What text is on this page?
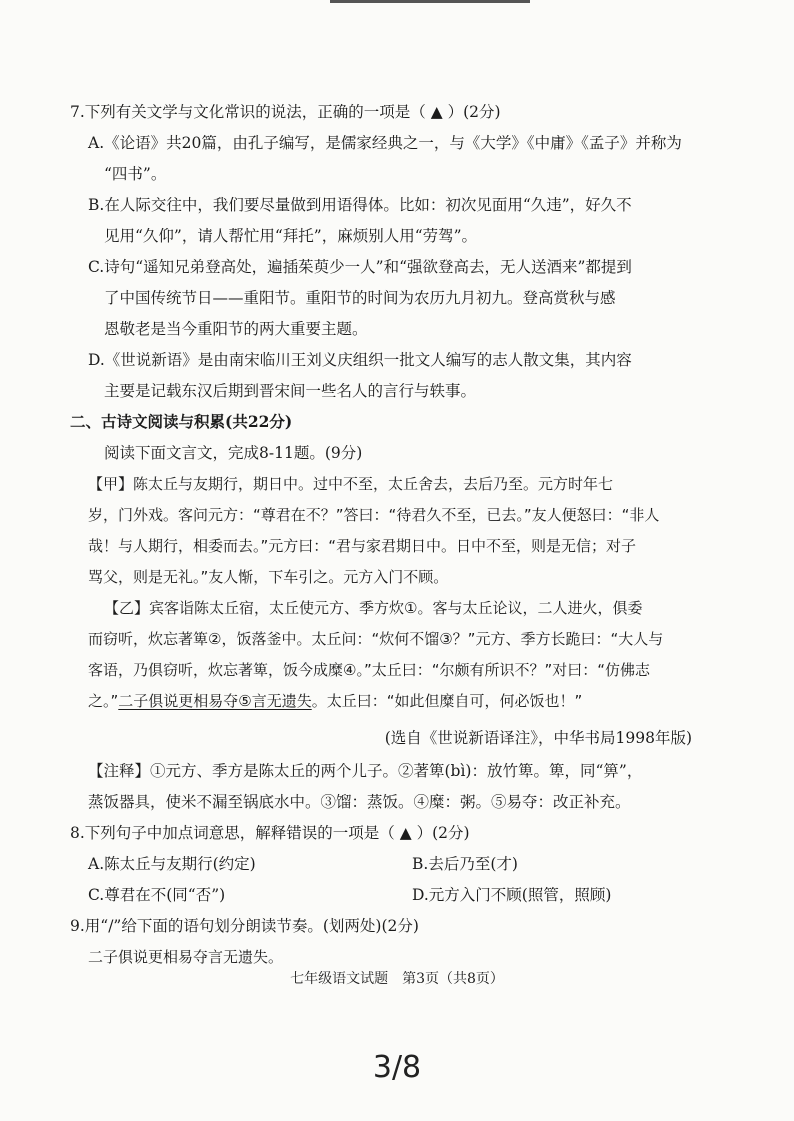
7.下列有关文学与文化常识的说法，正确的一项是（ ▲ ）(2分)
A.《论语》共20篇，由孔子编写，是儒家经典之一，与《大学》《中庸》《孟子》并称为
“四书”。
B.在人际交往中，我们要尽量做到用语得体。比如：初次见面用“久违”，好久不
见用“久仰”，请人帮忙用“拜托”，麻烦别人用“劳驾”。
C.诗句“遥知兄弟登高处，遍插茱萸少一人”和“强欲登高去，无人送酒来”都提到
了中国传统节日——重阳节。重阳节的时间为农历九月初九。登高赏秋与感
恩敬老是当今重阳节的两大重要主题。
D.《世说新语》是由南宋临川王刘义庆组织一批文人编写的志人散文集，其内容
主要是记载东汉后期到晋宋间一些名人的言行与轶事。
二、古诗文阅读与积累(共22分)
阅读下面文言文，完成8-11题。(9分)
【甲】陈太丘与友期行，期日中。过中不至，太丘舍去，去后乃至。元方时年七
岁，门外戏。客问元方：“尊君在不？”答曰：“待君久不至，已去。”友人便怒曰：“非人
哉！与人期行，相委而去。”元方曰：“君与家君期日中。日中不至，则是无信；对子
骂父，则是无礼。”友人惭，下车引之。元方入门不顾。
【乙】宾客诣陈太丘宿，太丘使元方、季方炊①。客与太丘论议，二人进火，俱委
而窃听，炊忘著箄②，饭落釜中。太丘问：“炊何不馏③？”元方、季方长跪曰：“大人与
客语，乃俱窃听，炊忘著箄，饭今成糜④。”太丘曰：“尔颇有所识不？”对曰：“仿佛志
之。”二子俱说更相易夺⑤言无遗失。太丘曰：“如此但糜自可，何必饭也！”
(选自《世说新语译注》，中华书局1998年版)
【注释】①元方、季方是陈太丘的两个儿子。②著箄(bì)：放竹箄。箄，同“箅”，
蒸饭器具，使米不漏至锅底水中。③馏：蒸饭。④糜：粥。⑤易夺：改正补充。
8.下列句子中加点词意思，解释错误的一项是（ ▲ ）(2分)
A.陈太丘与友期行(约定)	B.去后乃至(才)
C.尊君在不(同“否”)	D.元方入门不顾(照管，照顾)
9.用“/”给下面的语句划分朗读节奏。(划两处)(2分)
二子俱说更相易夺言无遗失。
七年级语文试题　第3页（共8页）
3/8
